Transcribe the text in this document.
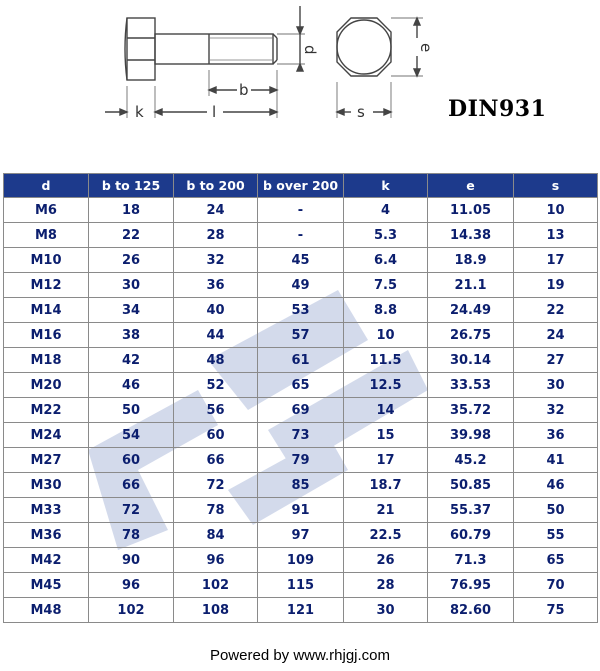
d
b
k	l	s
e
DIN931
d	b to 125	b to 200	b over 200	k	e	s
M6	18	24	-	4	11.05	10
M8	22	28	-	5.3	14.38	13
M10	26	32	45	6.4	18.9	17
M12	30	36	49	7.5	21.1	19
M14	34	40	53	8.8	24.49	22
M16	38	44	57	10	26.75	24
M18	42	48	61	11.5	30.14	27
M20	46	52	65	12.5	33.53	30
M22	50	56	69	14	35.72	32
M24	54	60	73	15	39.98	36
M27	60	66	79	17	45.2	41
M30	66	72	85	18.7	50.85	46
M33	72	78	91	21	55.37	50
M36	78	84	97	22.5	60.79	55
M42	90	96	109	26	71.3	65
M45	96	102	115	28	76.95	70
M48	102	108	121	30	82.60	75
Powered by www.rhjgj.com
